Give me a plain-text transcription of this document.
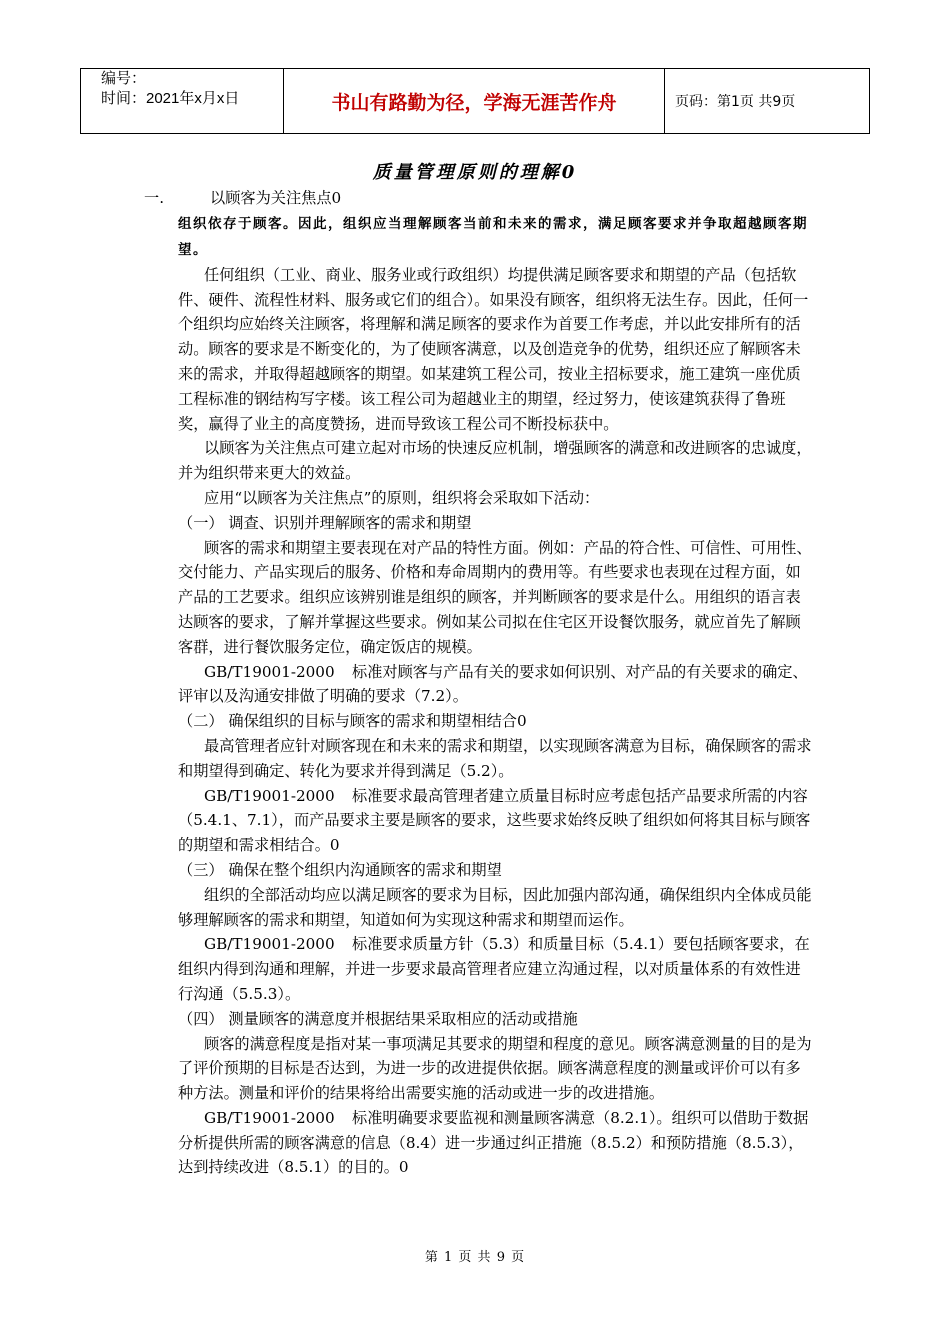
编号：
时间：2021年x月x日	书山有路勤为径，学海无涯苦作舟	页码：第1页 共9页
质量管理原则的理解0

一.	以顾客为关注焦点0

组织依存于顾客。因此，组织应当理解顾客当前和未来的需求，满足顾客要求并争取超越顾客期望。

任何组织（工业、商业、服务业或行政组织）均提供满足顾客要求和期望的产品（包括软件、硬件、流程性材料、服务或它们的组合）。如果没有顾客，组织将无法生存。因此，任何一个组织均应始终关注顾客，将理解和满足顾客的要求作为首要工作考虑，并以此安排所有的活动。顾客的要求是不断变化的，为了使顾客满意，以及创造竞争的优势，组织还应了解顾客未来的需求，并取得超越顾客的期望。如某建筑工程公司，按业主招标要求，施工建筑一座优质工程标准的钢结构写字楼。该工程公司为超越业主的期望，经过努力，使该建筑获得了鲁班奖，赢得了业主的高度赞扬，进而导致该工程公司不断投标获中。

以顾客为关注焦点可建立起对市场的快速反应机制，增强顾客的满意和改进顾客的忠诚度，并为组织带来更大的效益。

应用“以顾客为关注焦点”的原则，组织将会采取如下活动：

（一） 调查、识别并理解顾客的需求和期望

顾客的需求和期望主要表现在对产品的特性方面。例如：产品的符合性、可信性、可用性、交付能力、产品实现后的服务、价格和寿命周期内的费用等。有些要求也表现在过程方面，如产品的工艺要求。组织应该辨别谁是组织的顾客，并判断顾客的要求是什么。用组织的语言表达顾客的要求，了解并掌握这些要求。例如某公司拟在住宅区开设餐饮服务，就应首先了解顾客群，进行餐饮服务定位，确定饭店的规模。

GB/T19001-2000 标准对顾客与产品有关的要求如何识别、对产品的有关要求的确定、评审以及沟通安排做了明确的要求（7.2）。

（二） 确保组织的目标与顾客的需求和期望相结合0

最高管理者应针对顾客现在和未来的需求和期望，以实现顾客满意为目标，确保顾客的需求和期望得到确定、转化为要求并得到满足（5.2）。

GB/T19001-2000 标准要求最高管理者建立质量目标时应考虑包括产品要求所需的内容（5.4.1、7.1），而产品要求主要是顾客的要求，这些要求始终反映了组织如何将其目标与顾客的期望和需求相结合。0

（三） 确保在整个组织内沟通顾客的需求和期望

组织的全部活动均应以满足顾客的要求为目标，因此加强内部沟通，确保组织内全体成员能够理解顾客的需求和期望，知道如何为实现这种需求和期望而运作。

GB/T19001-2000 标准要求质量方针（5.3）和质量目标（5.4.1）要包括顾客要求，在组织内得到沟通和理解，并进一步要求最高管理者应建立沟通过程，以对质量体系的有效性进行沟通（5.5.3）。

（四） 测量顾客的满意度并根据结果采取相应的活动或措施

顾客的满意程度是指对某一事项满足其要求的期望和程度的意见。顾客满意测量的目的是为了评价预期的目标是否达到，为进一步的改进提供依据。顾客满意程度的测量或评价可以有多种方法。测量和评价的结果将给出需要实施的活动或进一步的改进措施。

GB/T19001-2000 标准明确要求要监视和测量顾客满意（8.2.1）。组织可以借助于数据分析提供所需的顾客满意的信息（8.4）进一步通过纠正措施（8.5.2）和预防措施（8.5.3），达到持续改进（8.5.1）的目的。0

第 1 页 共 9 页
